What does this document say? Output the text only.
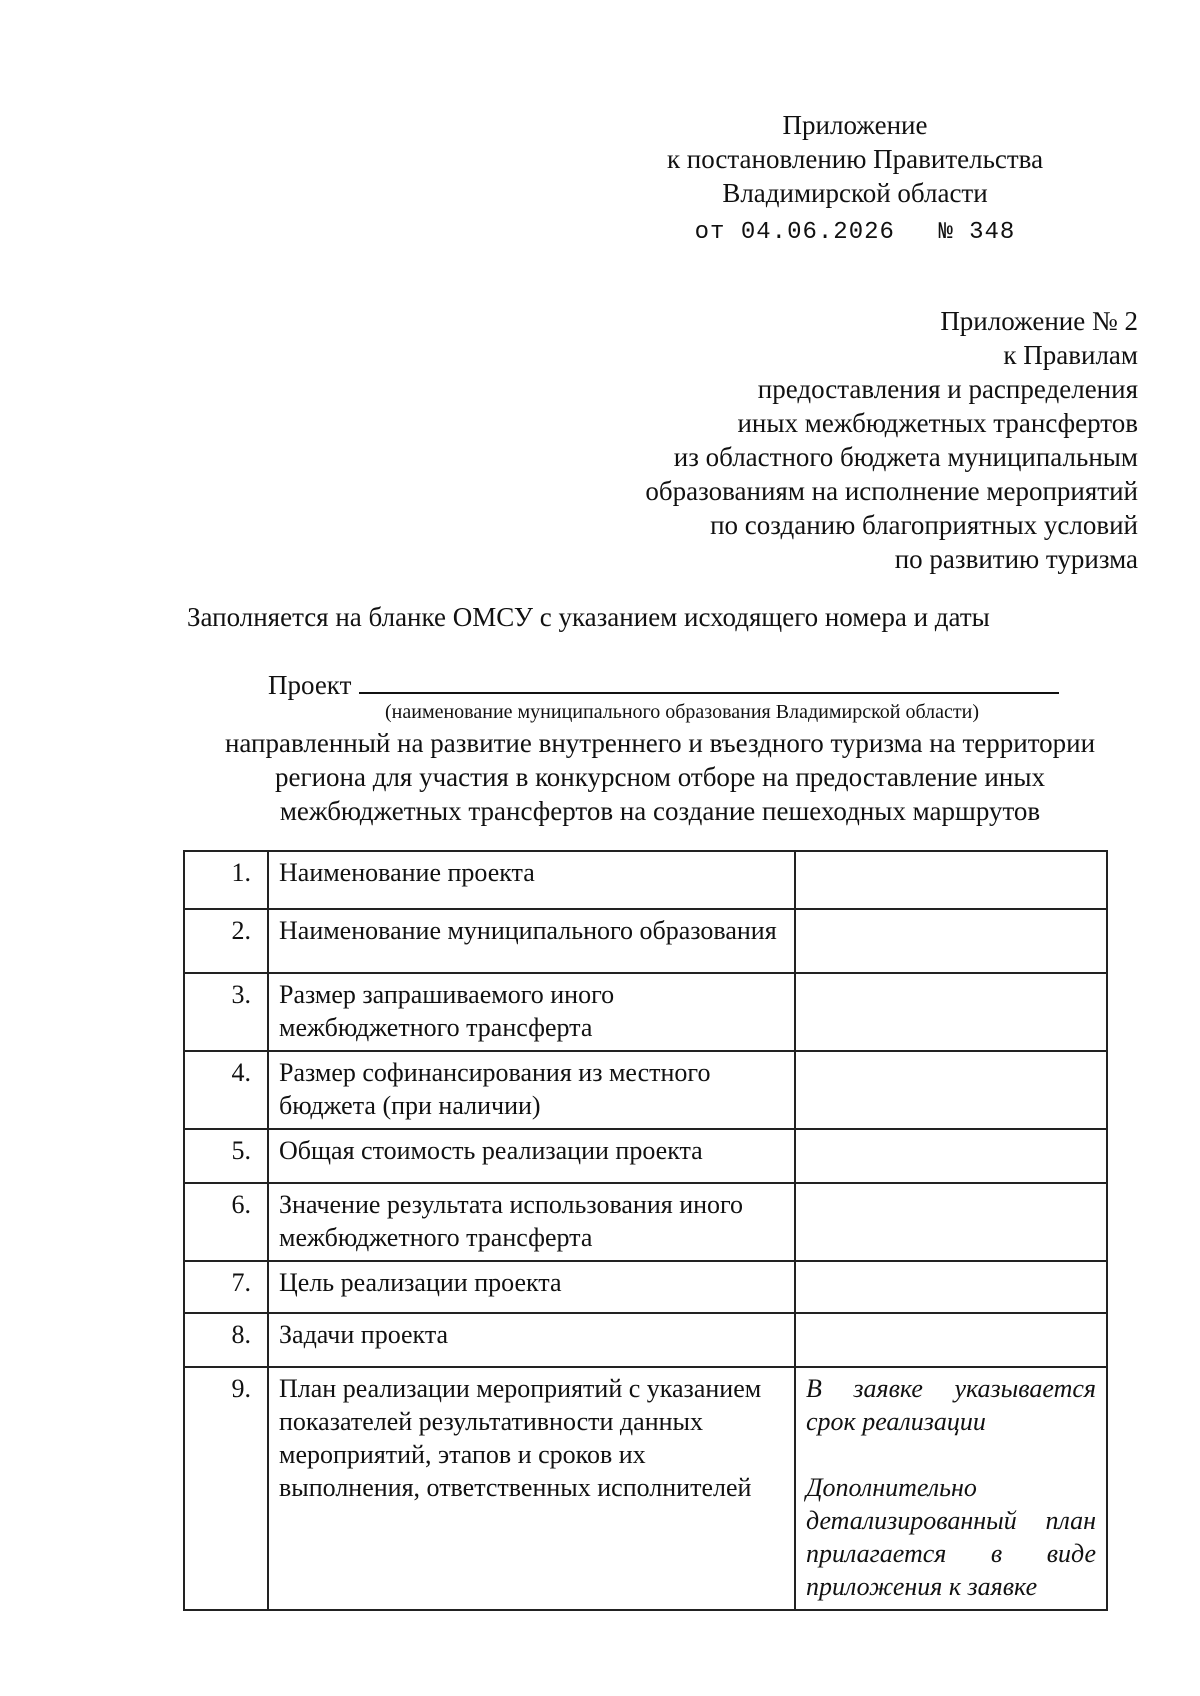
Приложение
к постановлению Правительства
Владимирской области
от 04.06.2026 № 348
Приложение № 2
к Правилам
предоставления и распределения
иных межбюджетных трансфертов
из областного бюджета муниципальным
образованиям на исполнение мероприятий
по созданию благоприятных условий
по развитию туризма
Заполняется на бланке ОМСУ с указанием исходящего номера и даты
Проект
(наименование муниципального образования Владимирской области)
направленный на развитие внутреннего и въездного туризма на территории
региона для участия в конкурсном отборе на предоставление иных
межбюджетных трансфертов на создание пешеходных маршрутов
1.	Наименование проекта	
2.	Наименование муниципального образования	
3.	Размер запрашиваемого иного межбюджетного трансферта	
4.	Размер софинансирования из местного бюджета (при наличии)	
5.	Общая стоимость реализации проекта	
6.	Значение результата использования иного межбюджетного трансферта	
7.	Цель реализации проекта	
8.	Задачи проекта	
9.	План реализации мероприятий с указанием показателей результативности данных мероприятий, этапов и сроков их выполнения, ответственных исполнителей	В заявке указывается срок реализации
Дополнительно детализированный план прилагается в виде приложения к заявке
